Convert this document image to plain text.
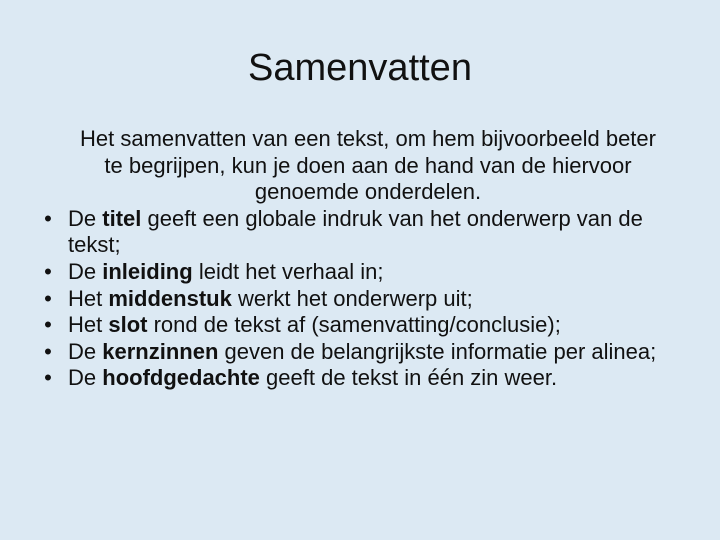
Samenvatten

Het samenvatten van een tekst, om hem bijvoorbeeld beter te begrijpen, kun je doen aan de hand van de hiervoor genoemde onderdelen.

• De titel geeft een globale indruk van het onderwerp van de tekst;
• De inleiding leidt het verhaal in;
• Het middenstuk werkt het onderwerp uit;
• Het slot rond de tekst af (samenvatting/conclusie);
• De kernzinnen geven de belangrijkste informatie per alinea;
• De hoofdgedachte geeft de tekst in één zin weer.
